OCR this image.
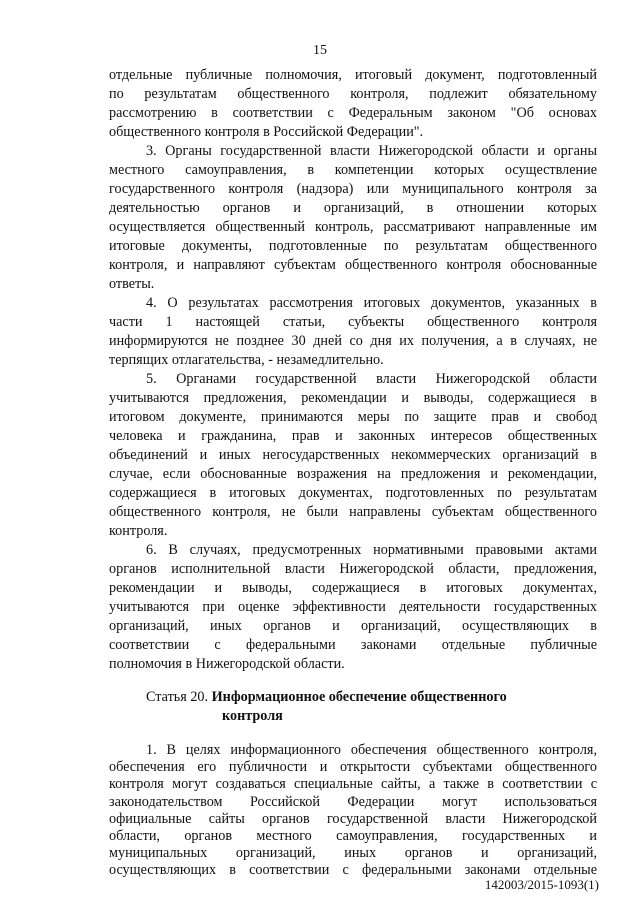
15
отдельные публичные полномочия, итоговый документ, подготовленный
по результатам общественного контроля, подлежит обязательному
рассмотрению в соответствии с Федеральным законом "Об основах
общественного контроля в Российской Федерации".
3. Органы государственной власти Нижегородской области и органы
местного самоуправления, в компетенции которых осуществление
государственного контроля (надзора) или муниципального контроля за
деятельностью органов и организаций, в отношении которых
осуществляется общественный контроль, рассматривают направленные им
итоговые документы, подготовленные по результатам общественного
контроля, и направляют субъектам общественного контроля обоснованные
ответы.
4. О результатах рассмотрения итоговых документов, указанных в
части 1 настоящей статьи, субъекты общественного контроля
информируются не позднее 30 дней со дня их получения, а в случаях, не
терпящих отлагательства, - незамедлительно.
5. Органами государственной власти Нижегородской области
учитываются предложения, рекомендации и выводы, содержащиеся в
итоговом документе, принимаются меры по защите прав и свобод
человека и гражданина, прав и законных интересов общественных
объединений и иных негосударственных некоммерческих организаций в
случае, если обоснованные возражения на предложения и рекомендации,
содержащиеся в итоговых документах, подготовленных по результатам
общественного контроля, не были направлены субъектам общественного
контроля.
6. В случаях, предусмотренных нормативными правовыми актами
органов исполнительной власти Нижегородской области, предложения,
рекомендации и выводы, содержащиеся в итоговых документах,
учитываются при оценке эффективности деятельности государственных
организаций, иных органов и организаций, осуществляющих в
соответствии с федеральными законами отдельные публичные
полномочия в Нижегородской области.
Статья 20. Информационное обеспечение общественного
контроля
1. В целях информационного обеспечения общественного контроля,
обеспечения его публичности и открытости субъектами общественного
контроля могут создаваться специальные сайты, а также в соответствии с
законодательством Российской Федерации могут использоваться
официальные сайты органов государственной власти Нижегородской
области, органов местного самоуправления, государственных и
муниципальных организаций, иных органов и организаций,
142003/2015-1093(1)
осуществляющих в соответствии с федеральными законами отдельные
